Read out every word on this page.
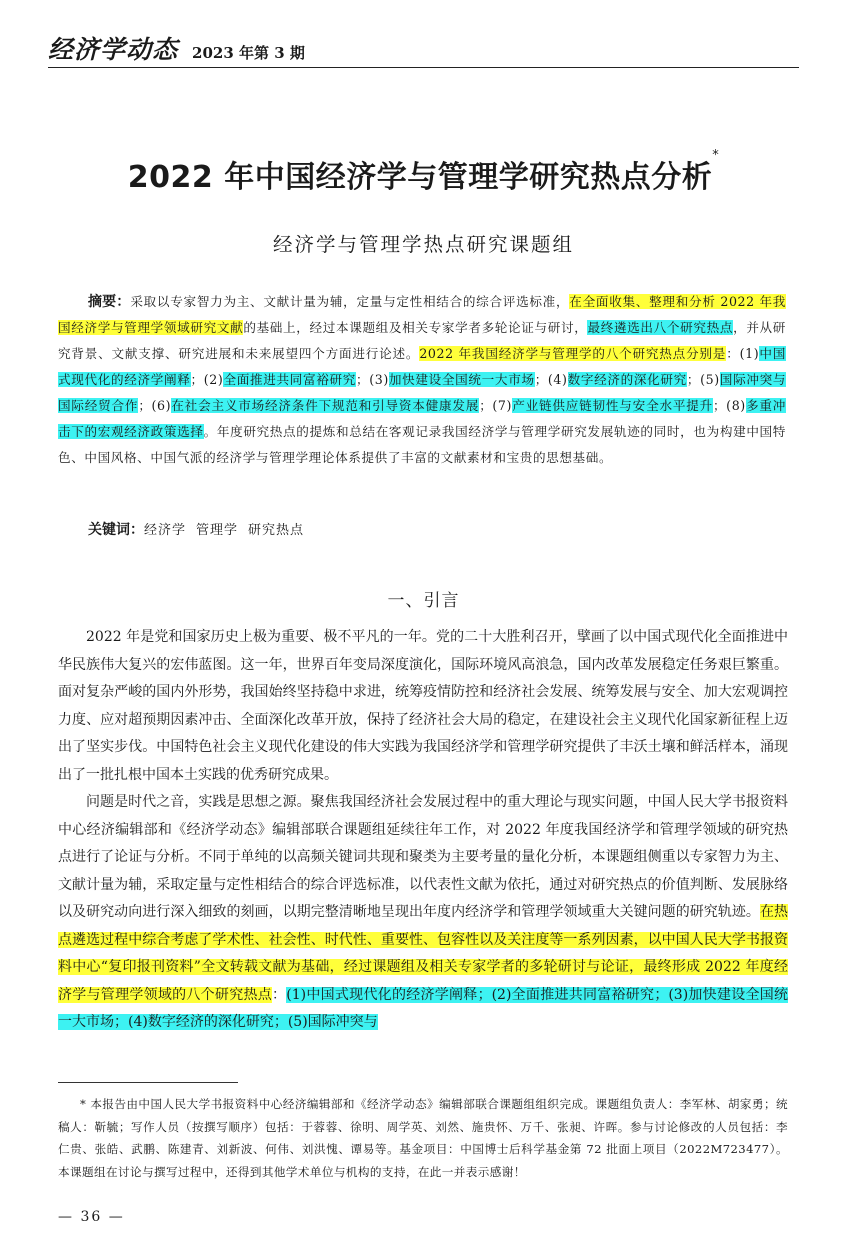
经济学动态 2023 年第 3 期
2022 年中国经济学与管理学研究热点分析*
经济学与管理学热点研究课题组
摘要：采取以专家智力为主、文献计量为辅，定量与定性相结合的综合评选标准，在全面收集、整理和分析 2022 年我国经济学与管理学领域研究文献的基础上，经过本课题组及相关专家学者多轮论证与研讨，最终遴选出八个研究热点，并从研究背景、文献支撑、研究进展和未来展望四个方面进行论述。2022 年我国经济学与管理学的八个研究热点分别是：(1)中国式现代化的经济学阐释；(2)全面推进共同富裕研究；(3)加快建设全国统一大市场；(4)数字经济的深化研究；(5)国际冲突与国际经贸合作；(6)在社会主义市场经济条件下规范和引导资本健康发展；(7)产业链供应链韧性与安全水平提升；(8)多重冲击下的宏观经济政策选择。年度研究热点的提炼和总结在客观记录我国经济学与管理学研究发展轨迹的同时，也为构建中国特色、中国风格、中国气派的经济学与管理学理论体系提供了丰富的文献素材和宝贵的思想基础。
关键词：经济学 管理学 研究热点
一、引言

2022 年是党和国家历史上极为重要、极不平凡的一年。党的二十大胜利召开，擘画了以中国式现代化全面推进中华民族伟大复兴的宏伟蓝图。这一年，世界百年变局深度演化，国际环境风高浪急，国内改革发展稳定任务艰巨繁重。面对复杂严峻的国内外形势，我国始终坚持稳中求进，统筹疫情防控和经济社会发展、统筹发展与安全、加大宏观调控力度、应对超预期因素冲击、全面深化改革开放，保持了经济社会大局的稳定，在建设社会主义现代化国家新征程上迈出了坚实步伐。中国特色社会主义现代化建设的伟大实践为我国经济学和管理学研究提供了丰沃土壤和鲜活样本，涌现出了一批扎根中国本土实践的优秀研究成果。

问题是时代之音，实践是思想之源。聚焦我国经济社会发展过程中的重大理论与现实问题，中国人民大学书报资料中心经济编辑部和《经济学动态》编辑部联合课题组延续往年工作，对 2022 年度我国经济学和管理学领域的研究热点进行了论证与分析。不同于单纯的以高频关键词共现和聚类为主要考量的量化分析，本课题组侧重以专家智力为主、文献计量为辅，采取定量与定性相结合的综合评选标准，以代表性文献为依托，通过对研究热点的价值判断、发展脉络以及研究动向进行深入细致的刻画，以期完整清晰地呈现出年度内经济学和管理学领域重大关键问题的研究轨迹。在热点遴选过程中综合考虑了学术性、社会性、时代性、重要性、包容性以及关注度等一系列因素，以中国人民大学书报资料中心“复印报刊资料”全文转载文献为基础，经过课题组及相关专家学者的多轮研讨与论证，最终形成 2022 年度经济学与管理学领域的八个研究热点：(1)中国式现代化的经济学阐释；(2)全面推进共同富裕研究；(3)加快建设全国统一大市场；(4)数字经济的深化研究；(5)国际冲突与

* 本报告由中国人民大学书报资料中心经济编辑部和《经济学动态》编辑部联合课题组组织完成。课题组负责人：李军林、胡家勇；统稿人：靳毓；写作人员（按撰写顺序）包括：于蓉蓉、徐明、周学英、刘然、施贵怀、万千、张昶、许晖。参与讨论修改的人员包括：李仁贵、张皓、武鹏、陈建青、刘新波、何伟、刘洪愧、谭易等。基金项目：中国博士后科学基金第 72 批面上项目（2022M723477）。本课题组在讨论与撰写过程中，还得到其他学术单位与机构的支持，在此一并表示感谢！

— 36 —
